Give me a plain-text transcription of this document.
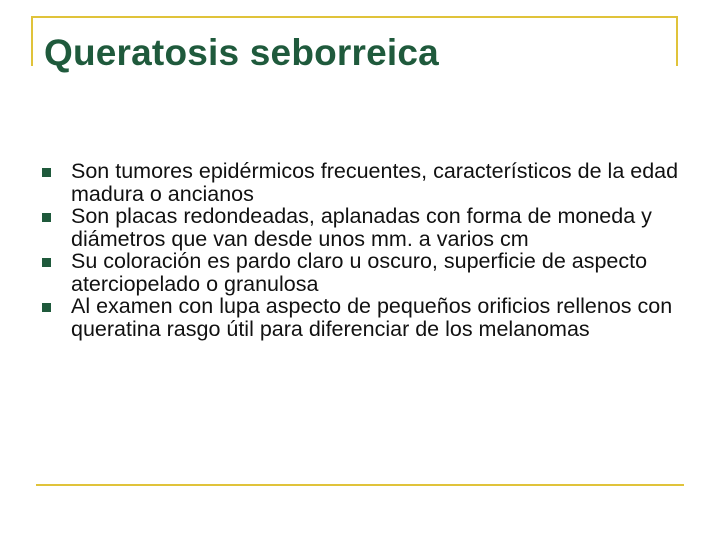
Queratosis seborreica
Son tumores epidérmicos frecuentes, característicos de la edad madura o ancianos
Son placas redondeadas, aplanadas con forma de moneda y diámetros que van desde unos mm. a varios cm
Su coloración es pardo claro u oscuro, superficie de aspecto aterciopelado o granulosa
Al examen con lupa aspecto de pequeños orificios rellenos con queratina rasgo útil para diferenciar de los melanomas
